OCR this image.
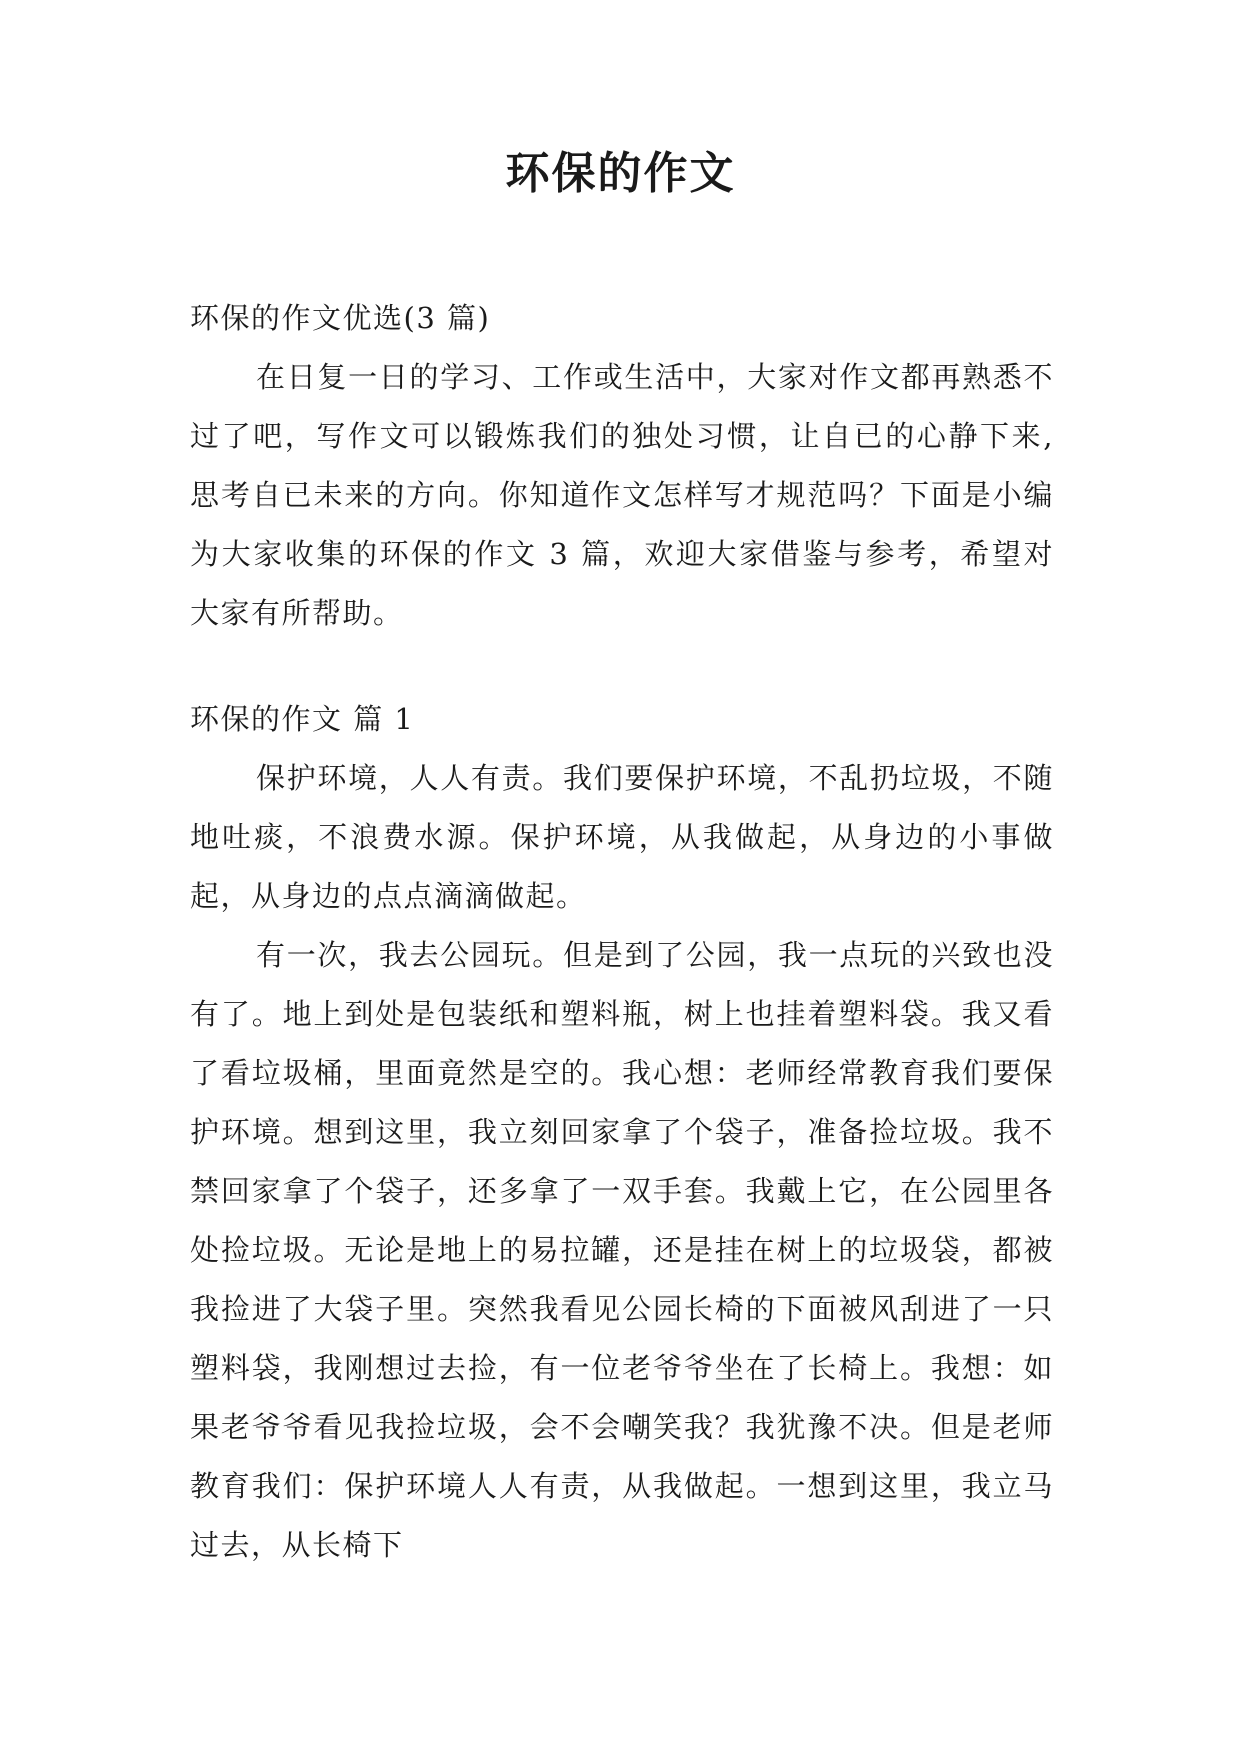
环保的作文

环保的作文优选(3 篇)

在日复一日的学习、工作或生活中，大家对作文都再熟悉不过了吧，写作文可以锻炼我们的独处习惯，让自已的心静下来,思考自已未来的方向。你知道作文怎样写才规范吗？下面是小编为大家收集的环保的作文 3 篇，欢迎大家借鉴与参考，希望对大家有所帮助。

环保的作文 篇 1

保护环境，人人有责。我们要保护环境，不乱扔垃圾，不随地吐痰，不浪费水源。保护环境，从我做起，从身边的小事做起，从身边的点点滴滴做起。

有一次，我去公园玩。但是到了公园，我一点玩的兴致也没有了。地上到处是包装纸和塑料瓶，树上也挂着塑料袋。我又看了看垃圾桶，里面竟然是空的。我心想：老师经常教育我们要保护环境。想到这里，我立刻回家拿了个袋子，准备捡垃圾。我不禁回家拿了个袋子，还多拿了一双手套。我戴上它，在公园里各处捡垃圾。无论是地上的易拉罐，还是挂在树上的垃圾袋，都被我捡进了大袋子里。突然我看见公园长椅的下面被风刮进了一只塑料袋，我刚想过去捡，有一位老爷爷坐在了长椅上。我想：如果老爷爷看见我捡垃圾，会不会嘲笑我？我犹豫不决。但是老师教育我们：保护环境人人有责，从我做起。一想到这里，我立马过去，从长椅下
